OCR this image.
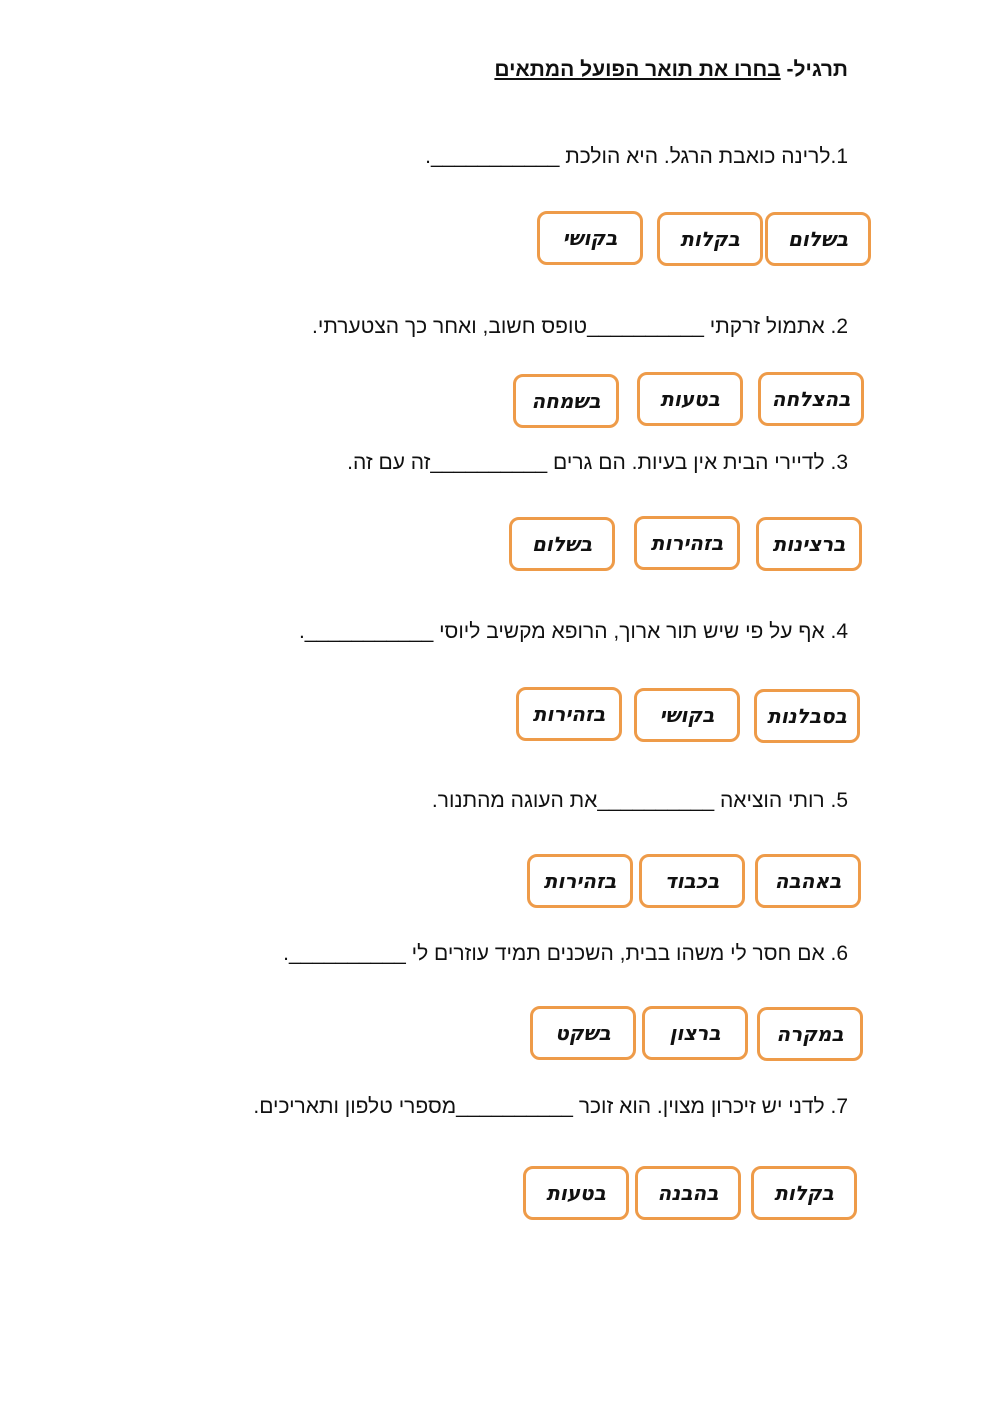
תרגיל- בחרו את תואר הפועל המתאים
1.לרינה כואבת הרגל. היא הולכת ___________.
בשלום
בקלות
בקושי
2. אתמול זרקתי __________טופס חשוב, ואחר כך הצטערתי.
בהצלחה
בטעות
בשמחה
3. לדיירי הבית אין בעיות. הם גרים __________זה עם זה.
ברצינות
בזהירות
בשלום
4. אף על פי שיש תור ארוך, הרופא מקשיב ליוסי ___________.
בסבלנות
בקושי
בזהירות
5. רותי הוציאה __________את העוגה מהתנור.
באהבה
בכבוד
בזהירות
6. אם חסר לי משהו בבית, השכנים תמיד עוזרים לי __________.
במקרה
ברצון
בשקט
7. לדני יש זיכרון מצוין. הוא זוכר __________מספרי טלפון ותאריכים.
בקלות
בהבנה
בטעות
